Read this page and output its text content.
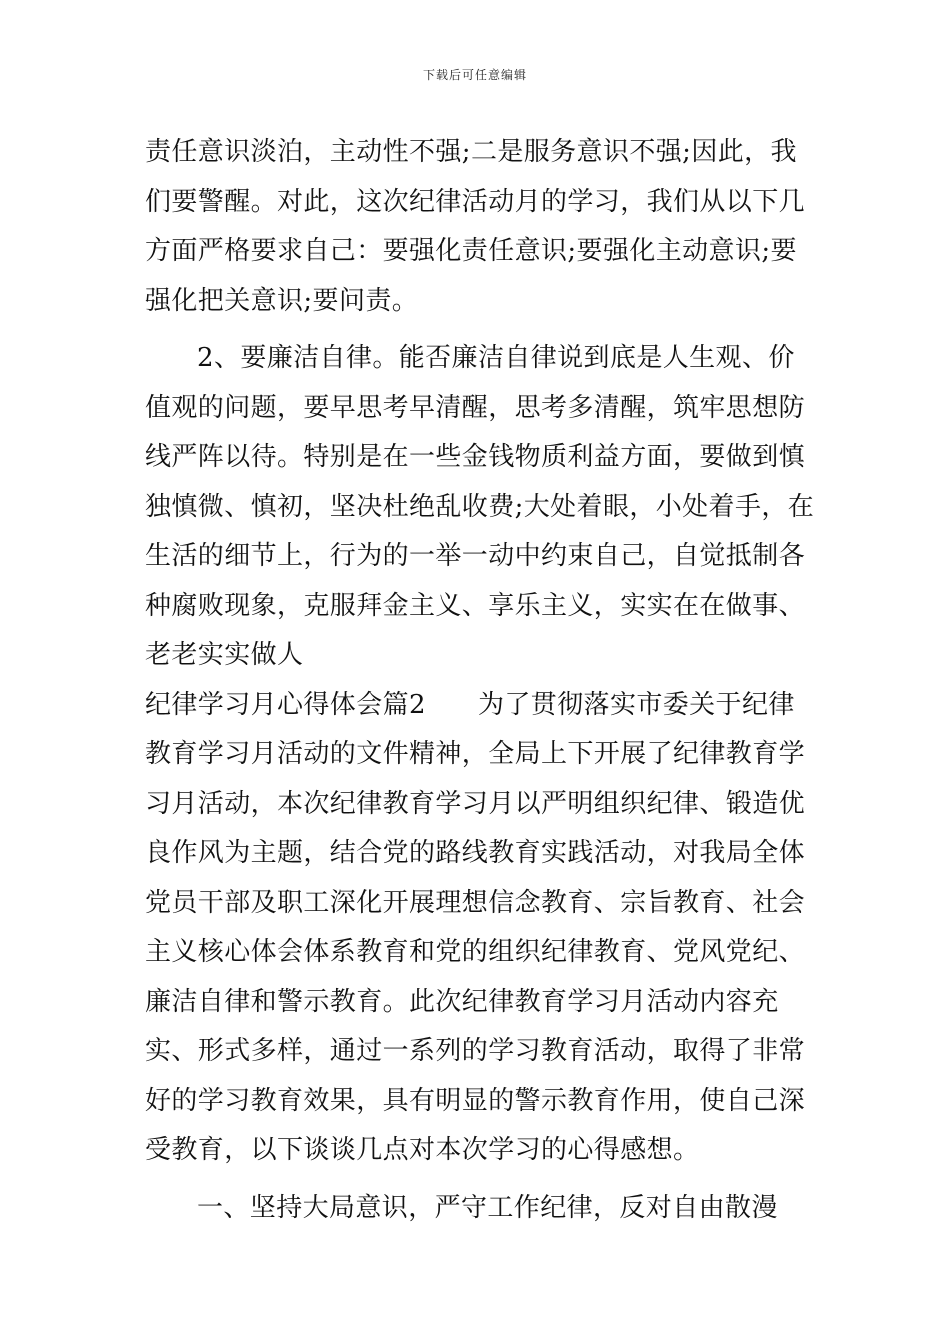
下载后可任意编辑

责任意识淡泊，主动性不强;二是服务意识不强;因此，我们要警醒。对此，这次纪律活动月的学习，我们从以下几方面严格要求自己：要强化责任意识;要强化主动意识;要强化把关意识;要问责。

2、要廉洁自律。能否廉洁自律说到底是人生观、价值观的问题，要早思考早清醒，思考多清醒，筑牢思想防线严阵以待。特别是在一些金钱物质利益方面，要做到慎独慎微、慎初，坚决杜绝乱收费;大处着眼，小处着手，在生活的细节上，行为的一举一动中约束自己，自觉抵制各种腐败现象，克服拜金主义、享乐主义，实实在在做事、老老实实做人

纪律学习月心得体会篇2 为了贯彻落实市委关于纪律教育学习月活动的文件精神，全局上下开展了纪律教育学习月活动，本次纪律教育学习月以严明组织纪律、锻造优良作风为主题，结合党的路线教育实践活动，对我局全体党员干部及职工深化开展理想信念教育、宗旨教育、社会主义核心体会体系教育和党的组织纪律教育、党风党纪、廉洁自律和警示教育。此次纪律教育学习月活动内容充实、形式多样，通过一系列的学习教育活动，取得了非常好的学习教育效果，具有明显的警示教育作用，使自己深受教育，以下谈谈几点对本次学习的心得感想。

一、坚持大局意识，严守工作纪律，反对自由散漫
